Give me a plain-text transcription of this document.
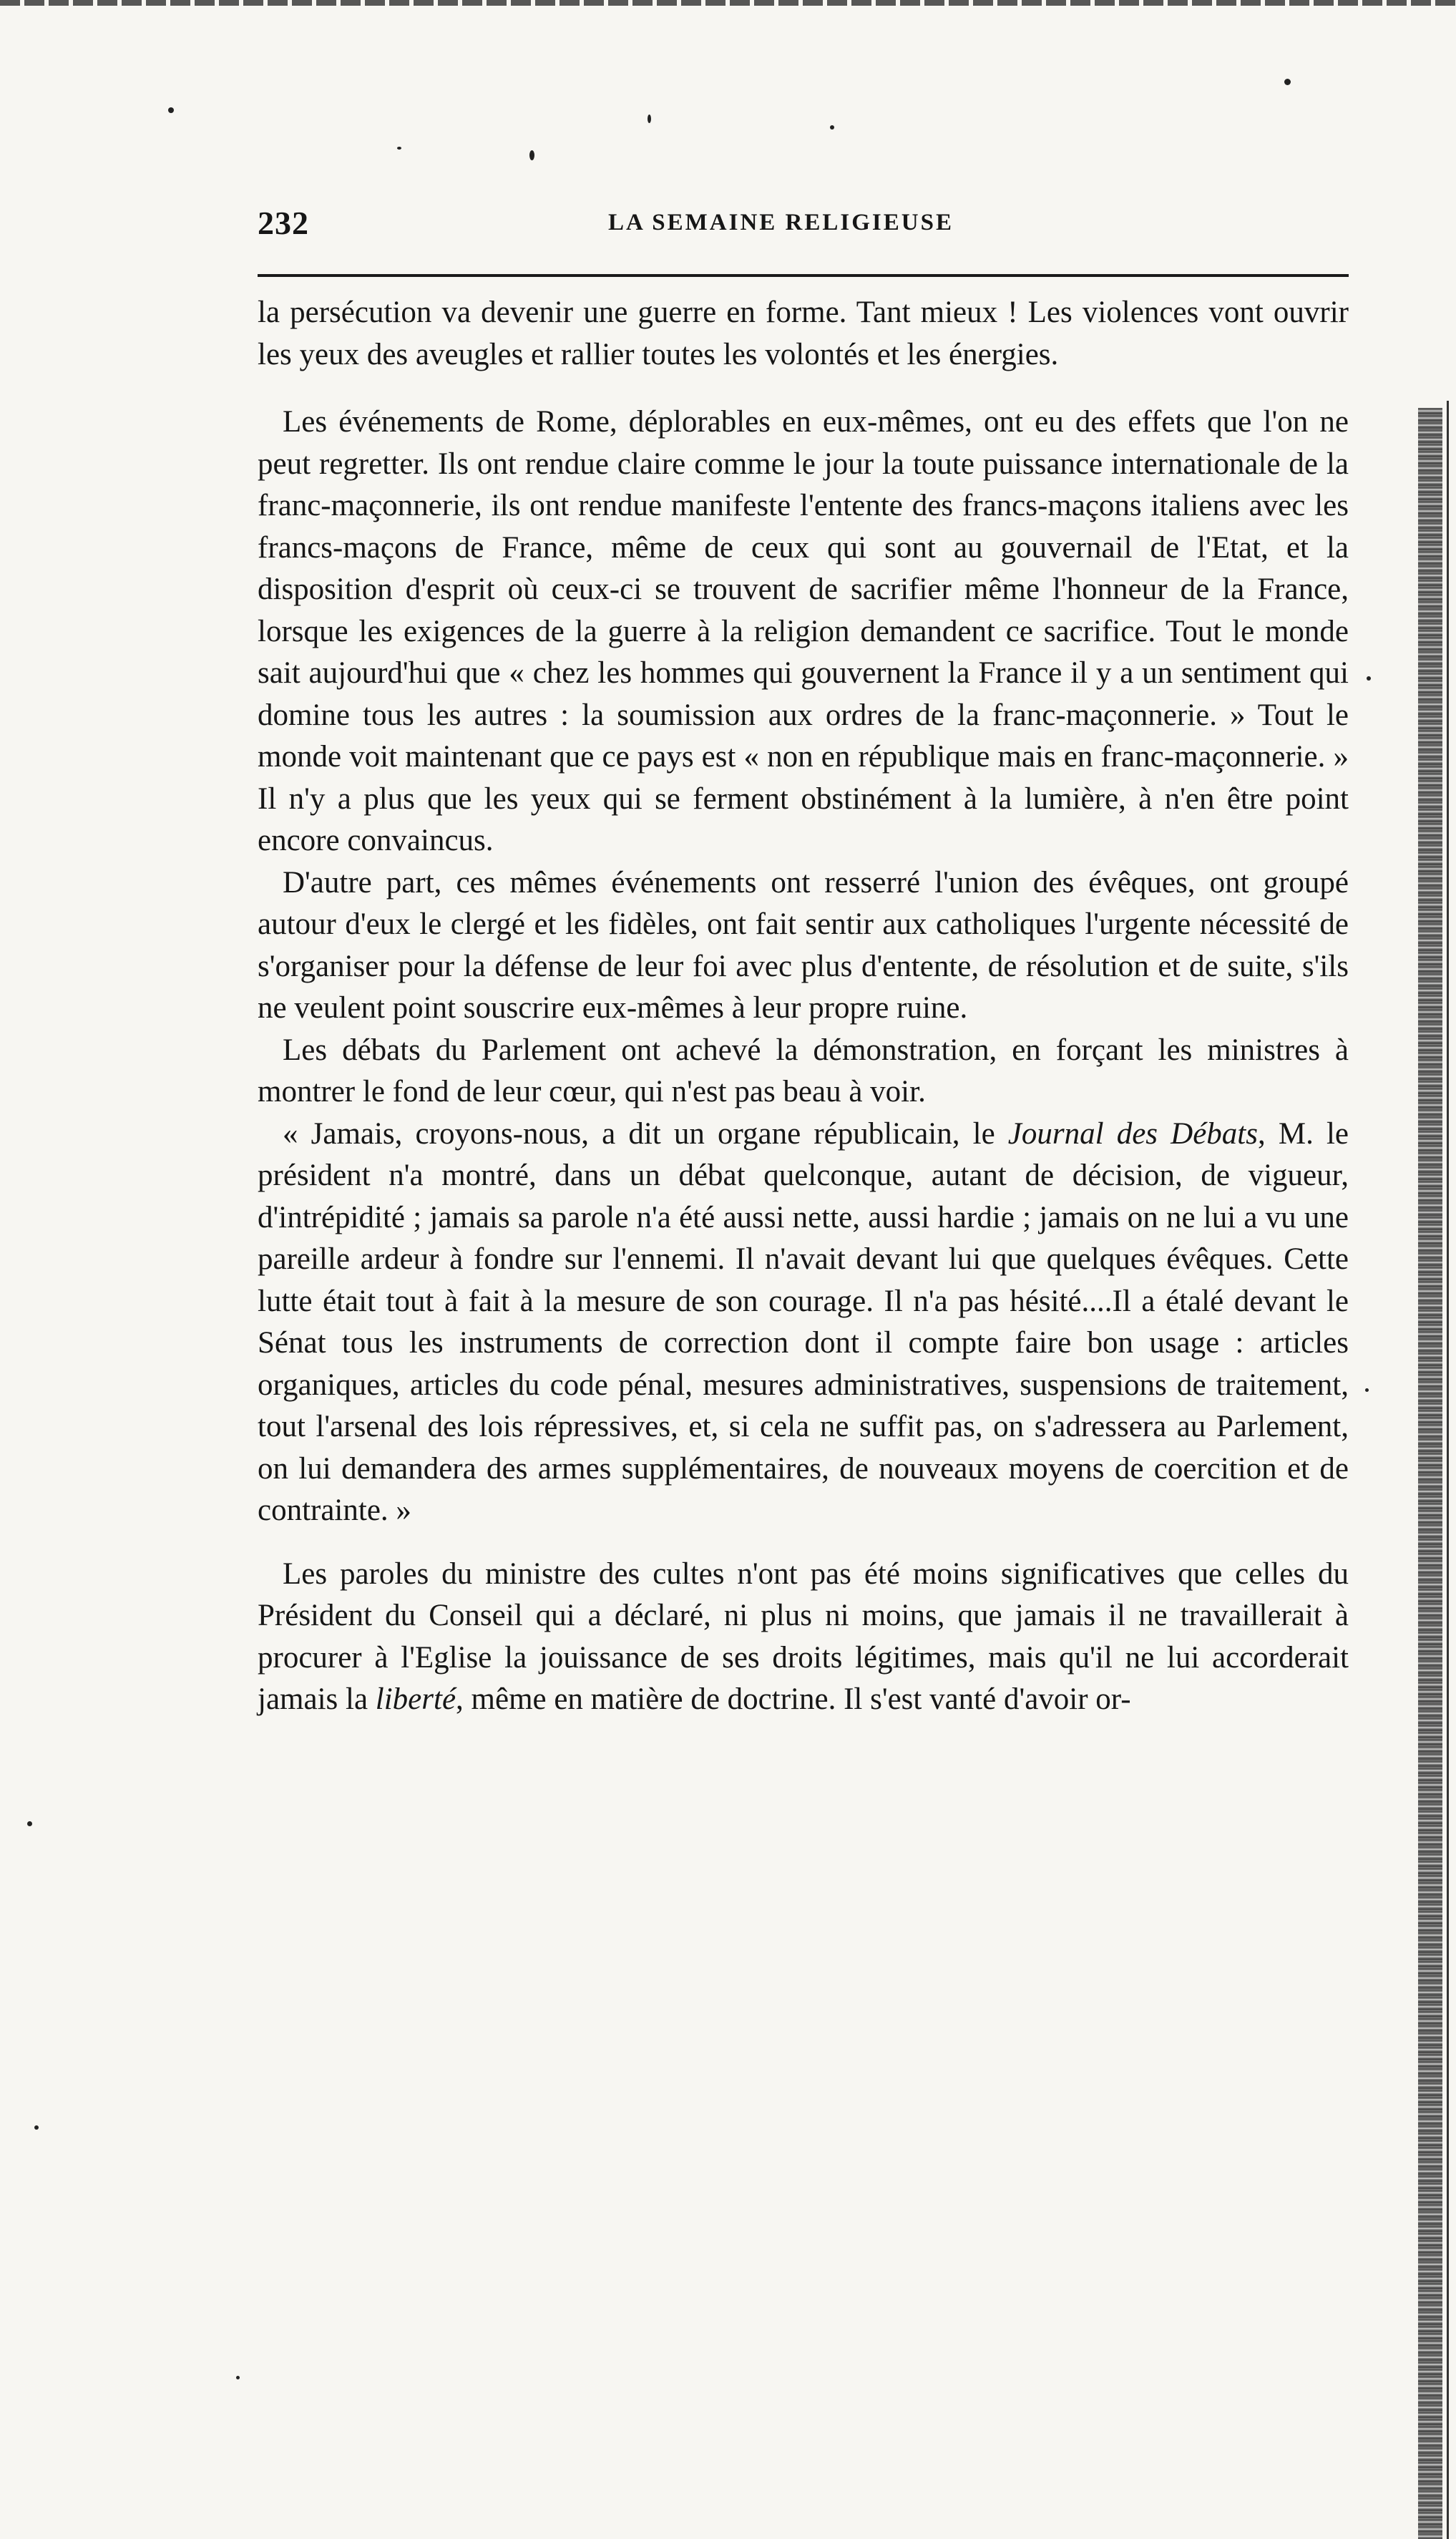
232	LA SEMAINE RELIGIEUSE

la persécution va devenir une guerre en forme. Tant mieux ! Les violences vont ouvrir les yeux des aveugles et rallier toutes les volontés et les énergies.

Les événements de Rome, déplorables en eux-mêmes, ont eu des effets que l'on ne peut regretter. Ils ont rendue claire comme le jour la toute puissance internationale de la franc-maçonnerie, ils ont rendue manifeste l'entente des francs-maçons italiens avec les francs-maçons de France, même de ceux qui sont au gouvernail de l'Etat, et la disposition d'esprit où ceux-ci se trouvent de sacrifier même l'honneur de la France, lorsque les exigences de la guerre à la religion demandent ce sacrifice. Tout le monde sait aujourd'hui que « chez les hommes qui gouvernent la France il y a un sentiment qui domine tous les autres : la soumission aux ordres de la franc-maçonnerie. » Tout le monde voit maintenant que ce pays est « non en république mais en franc-maçonnerie. » Il n'y a plus que les yeux qui se ferment obstinément à la lumière, à n'en être point encore convaincus.

D'autre part, ces mêmes événements ont resserré l'union des évêques, ont groupé autour d'eux le clergé et les fidèles, ont fait sentir aux catholiques l'urgente nécessité de s'organiser pour la défense de leur foi avec plus d'entente, de résolution et de suite, s'ils ne veulent point souscrire eux-mêmes à leur propre ruine.

Les débats du Parlement ont achevé la démonstration, en forçant les ministres à montrer le fond de leur cœur, qui n'est pas beau à voir.

« Jamais, croyons-nous, a dit un organe républicain, le Journal des Débats, M. le président n'a montré, dans un débat quelconque, autant de décision, de vigueur, d'intrépidité ; jamais sa parole n'a été aussi nette, aussi hardie ; jamais on ne lui a vu une pareille ardeur à fondre sur l'ennemi. Il n'avait devant lui que quelques évêques. Cette lutte était tout à fait à la mesure de son courage. Il n'a pas hésité....Il a étalé devant le Sénat tous les instruments de correction dont il compte faire bon usage : articles organiques, articles du code pénal, mesures administratives, suspensions de traitement, tout l'arsenal des lois répressives, et, si cela ne suffit pas, on s'adressera au Parlement, on lui demandera des armes supplémentaires, de nouveaux moyens de coercition et de contrainte. »

Les paroles du ministre des cultes n'ont pas été moins significatives que celles du Président du Conseil qui a déclaré, ni plus ni moins, que jamais il ne travaillerait à procurer à l'Eglise la jouissance de ses droits légitimes, mais qu'il ne lui accorderait jamais la liberté, même en matière de doctrine. Il s'est vanté d'avoir or-
